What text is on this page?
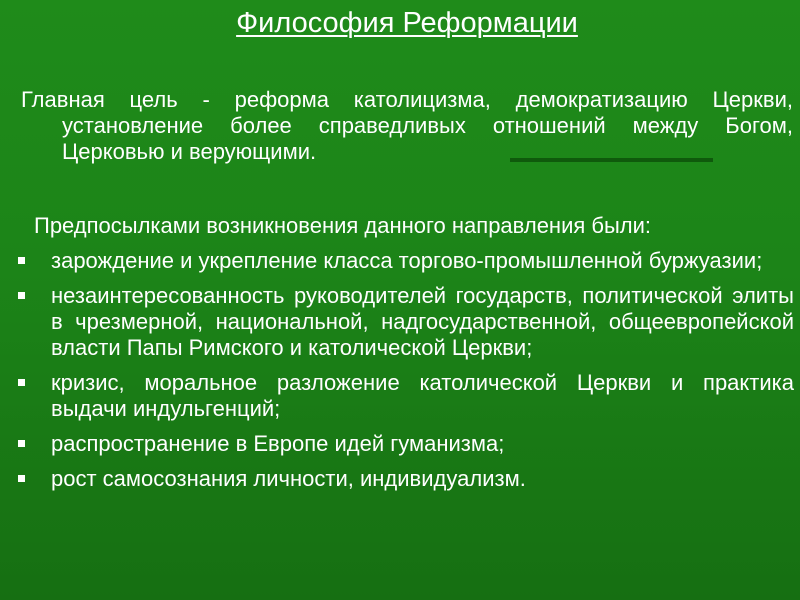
Философия Реформации
Главная цель - реформа католицизма, демократизацию Церкви, установление более справедливых отношений между Богом, Церковью и верующими.
Предпосылками возникновения данного направления были:
зарождение и укрепление класса торгово-промышленной буржуазии;
незаинтересованность руководителей государств, политической элиты в чрезмерной, национальной, надгосударственной, общеевропейской власти Папы Римского и католической Церкви;
кризис, моральное разложение католической Церкви и практика выдачи индульгенций;
распространение в Европе идей гуманизма;
рост самосознания личности, индивидуализм.
